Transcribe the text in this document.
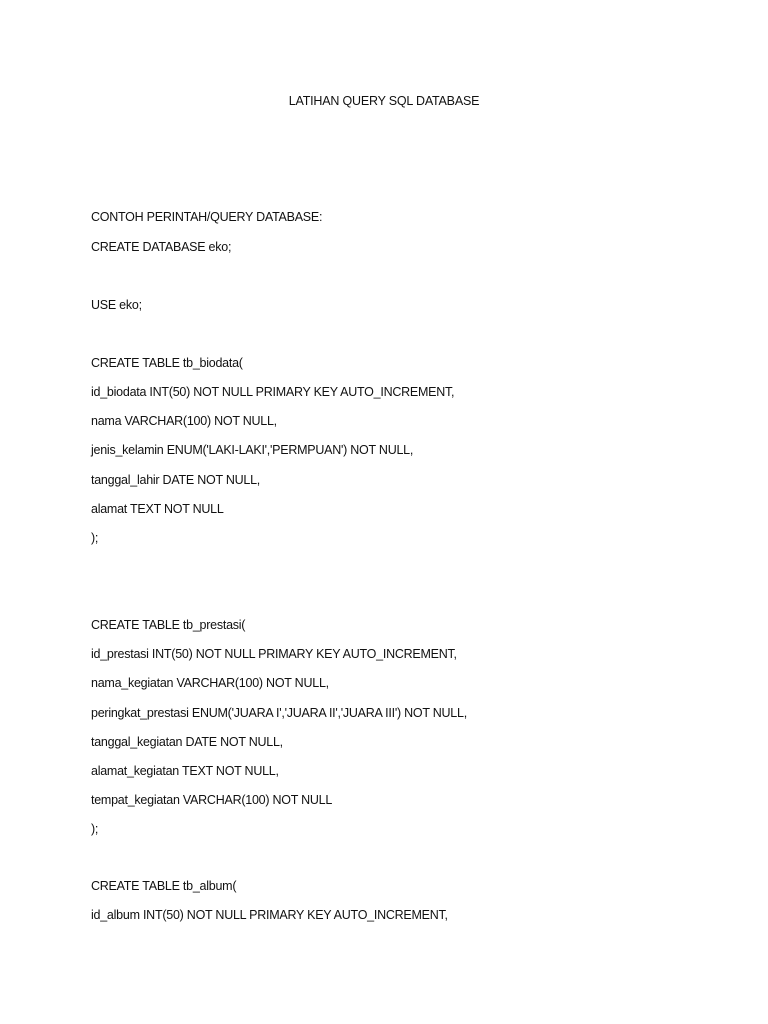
LATIHAN QUERY SQL DATABASE
CONTOH PERINTAH/QUERY DATABASE:
CREATE DATABASE eko;
USE eko;
CREATE TABLE tb_biodata(
id_biodata INT(50) NOT NULL PRIMARY KEY AUTO_INCREMENT,
nama VARCHAR(100) NOT NULL,
jenis_kelamin ENUM('LAKI-LAKI','PERMPUAN') NOT NULL,
tanggal_lahir DATE NOT NULL,
alamat TEXT NOT NULL
);
CREATE TABLE tb_prestasi(
id_prestasi INT(50) NOT NULL PRIMARY KEY AUTO_INCREMENT,
nama_kegiatan VARCHAR(100) NOT NULL,
peringkat_prestasi ENUM('JUARA I','JUARA II','JUARA III') NOT NULL,
tanggal_kegiatan DATE NOT NULL,
alamat_kegiatan TEXT NOT NULL,
tempat_kegiatan VARCHAR(100) NOT NULL
);
CREATE TABLE tb_album(
id_album INT(50) NOT NULL PRIMARY KEY AUTO_INCREMENT,
